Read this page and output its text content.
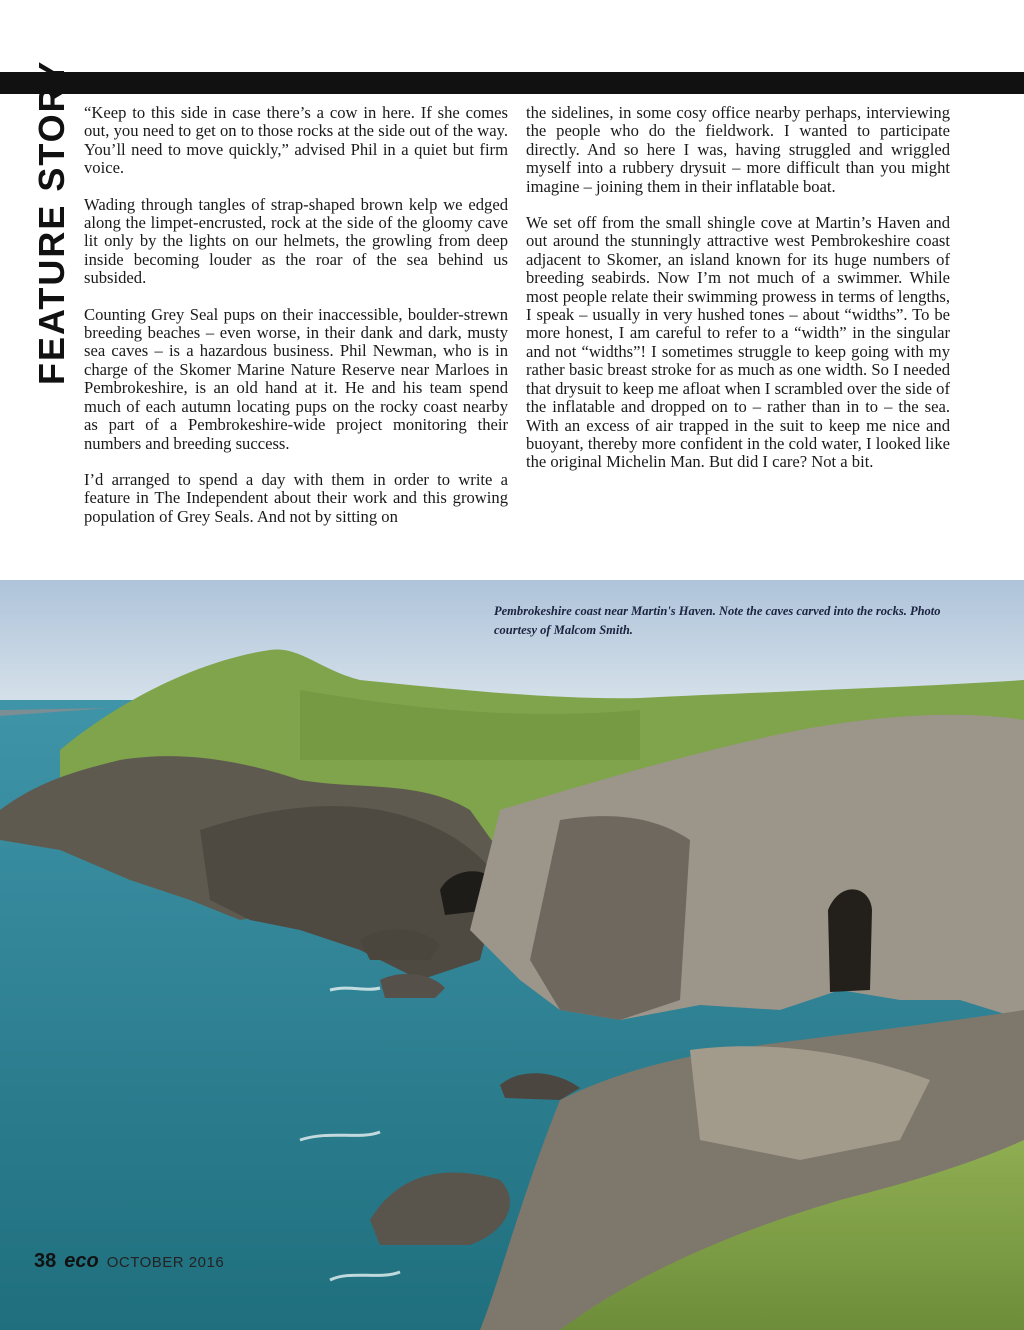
FEATURE STORY “Keep to this side in case there’s a cow in here. If she comes out, you need to get on to those rocks at the side out of the way. You’ll need to move quickly,” advised Phil in a quiet but firm voice.

Wading through tangles of strap-shaped brown kelp we edged along the limpet-encrusted, rock at the side of the gloomy cave lit only by the lights on our helmets, the growling from deep inside becoming louder as the roar of the sea behind us subsided.

Counting Grey Seal pups on their inaccessible, boulder-strewn breeding beaches – even worse, in their dank and dark, musty sea caves – is a hazardous business. Phil Newman, who is in charge of the Skomer Marine Nature Reserve near Marloes in Pembrokeshire, is an old hand at it. He and his team spend much of each autumn locating pups on the rocky coast nearby as part of a Pembrokeshire-wide project monitoring their numbers and breeding success.

I’d arranged to spend a day with them in order to write a feature in The Independent about their work and this growing population of Grey Seals. And not by sitting on

the sidelines, in some cosy office nearby perhaps, interviewing the people who do the fieldwork. I wanted to participate directly. And so here I was, having struggled and wriggled myself into a rubbery drysuit – more difficult than you might imagine – joining them in their inflatable boat.

We set off from the small shingle cove at Martin’s Haven and out around the stunningly attractive west Pembrokeshire coast adjacent to Skomer, an island known for its huge numbers of breeding seabirds. Now I’m not much of a swimmer. While most people relate their swimming prowess in terms of lengths, I speak – usually in very hushed tones – about “widths”. To be more honest, I am careful to refer to a “width” in the singular and not “widths”! I sometimes struggle to keep going with my rather basic breast stroke for as much as one width. So I needed that drysuit to keep me afloat when I scrambled over the side of the inflatable and dropped on to – rather than in to – the sea. With an excess of air trapped in the suit to keep me nice and buoyant, thereby more confident in the cold water, I looked like the original Michelin Man. But did I care? Not a bit.

Pembrokeshire coast near Martin's Haven. Note the caves carved into the rocks. Photo courtesy of Malcom Smith.
38 eco OCTOBER 2016
